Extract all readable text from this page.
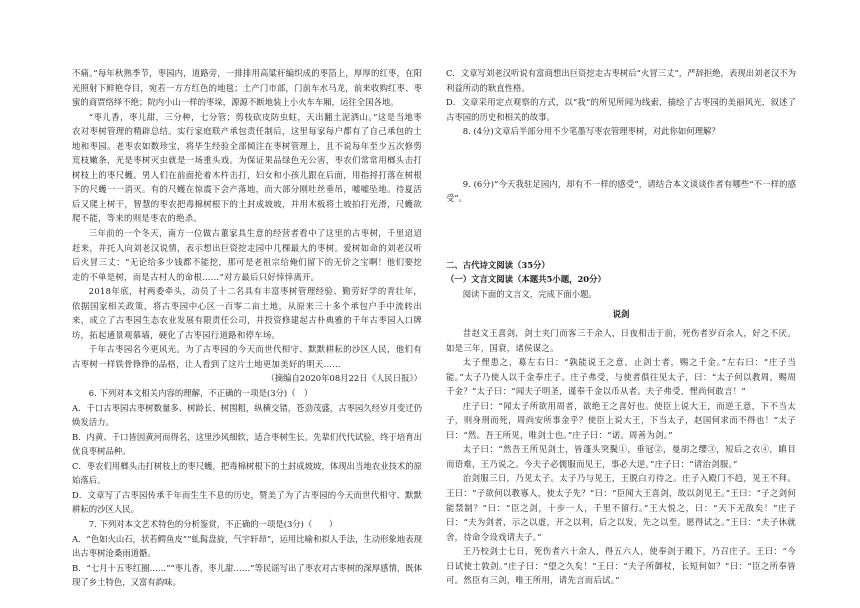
不痛。”每年秋熟季节，枣园内，道路旁，一排排用高粱秆编织成的枣箔上，厚厚的红枣，在阳光照射下鲜艳夺目，宛若一方方红色的地毯；土产门市部，门前车水马龙，前来收购红枣、枣蜜的商贾络绎不绝；院内小山一样的枣垛，源源不断地装上小火车车厢，运往全国各地。

“枣儿香，枣儿甜，三分种，七分管；剪枝砍皮防虫蛀，天出翻土泥洒山。”这是当地枣农对枣树管理的精辟总结。实行家庭联产承包责任制后，这里每家每户都有了自己承包的土地和枣园。老枣农如数珍宝，将毕生经验全部倾注在枣树管理上，且不说每年至少五次修剪荒枝嫩条，光是枣树灭虫就是一场重头戏。为保证果品绿色无公害，枣农们常常用榔头击打树枝上的枣尺蠖。男人们在前面抡着木杵击打，妇女和小孩儿跟在后面，用指捋打落在树根下的尺蠖一一消灭。有的尺蠖在惊震下会产落地，而大部分刚吐丝垂吊，嘘嘘坠地。待夏活后又爬上树干，智慧的枣农把毒棉树根下的土封成坡坡，并用木板将土坡拍打光滑，尺蠖欲爬不能，等来的则是枣农的绝杀。

三年前的一个冬天，南方一位做古董家具生意的经营者看中了这里的古枣树，千里迢迢赶来，并托人向刘老汉说情，表示想出巨资挖走园中几棵最大的枣树。爱树如命的刘老汉听后火冒三丈：“无论给多少钱都不能挖，那可是老祖宗给俺们留下的无价之宝啊！他们要挖走的不单是树，而是古村人的命根……”对方最后只好悻悻离开。

2018年底，村两委牵头，动员了十二名具有丰富枣树管理经验、勤劳好学的青壮年，依据国家相关政策，将古枣园中心区一百零二亩土地，从原来三十多个承包户手中流转出来，成立了古枣园生态农业发展有限责任公司，并投资修建起古朴典雅的千年古枣园入口牌坊，拓起通景观慕墙，硬化了古枣园行道路和停车场。

千年古枣园名今更风光。为了古枣园的今天而世代相守、默默耕耘的沙区人民，他们有古枣树一样铁骨铮铮的品格，让人看到了这片土地更加美好的明天……

（摘编自2020年08月22日《人民日报》）

6. 下列对本文相关内容的理解，不正确的一项是(3分)（　）

A．千口古枣园古枣树数量多、树龄长、树围粗，纵横交错，苍劲茂盛，古枣园久经岁月变迁仍焕发活力。

B．内黄、千口皆因黄河而得名，这里沙风细软，适合枣树生长。先辈们代代试验，终于培育出优良枣树品种。

C．枣农们用榔头击打树枝上的枣尺蠖，把毒棉树根下的土封成坡坡，体现出当地农业技术的原始落后。

D．文章写了古枣园传承千年而生生不息的历史，赞美了为了古枣园的今天而世代相守、默默耕耘的沙区人民。

7. 下列对本文艺术特色的分析鉴赏，不正确的一项是(3分)（　　）

A．“色如火山石，状若鳄鱼皮”“虬髯盘旋，气宇轩昂”，运用比喻和拟人手法，生动形象地表现出古枣树沧桑雨道骼。

B．“七月十五枣红圈……”“枣儿香，枣儿甜……”等民谣写出了枣农对古枣树的深厚感情，既体现了乡土特色，又富有韵味。

C．文章写刘老汉听说有富商想出巨资挖走古枣树后“火冒三丈”，严辞拒绝，表现出刘老汉不为利益所动的耿直性格。

D．文章采用定点观察的方式，以“我”的所见所闻为线索，描绘了古枣园的美丽风光，叙述了古枣园的历史和相关的故事。

8. (4分)文章后半部分用不少笔墨写枣农管理枣树，对此你如何理解？

9. (6分)“今天我驻足园内，却有不一样的感受”，请结合本文谈谈作者有哪些“不一样的感受”。

二、古代诗文阅读（35分）

（一）文言文阅读（本题共5小题，20分）

阅读下面的文言文，完成下面小题。

说剑

昔赵文王喜剑，剑士夹门而客三千余人，日夜相击于前，死伤者岁百余人，好之不厌。如是三年，国衰，诸侯谋之。

太子悝患之，募左右曰：“孰能说王之意，止剑士者，赐之千金。”左右曰：“庄子当能。”太子乃使人以千金奉庄子。庄子弗受，与使者俱往见太子，曰：“太子何以教周，赐周千金？”太子曰：“闻夫子明圣，谨奉千金以币从者。夫子弗受，悝尚何敢言！”

庄子曰：“闻太子所欲用周者，欲绝王之喜好也。使臣上说大王，而逆王意，下不当太子，则身刑而死，周尚安所事金乎？使臣上说大王，下当太子，赵国何求而不得也！”太子曰：“然。吾王所见，唯剑士也。”庄子曰：“诺。周善为剑。”

太子曰：“然吾王所见剑士，皆蓬头突鬓①，垂冠②，曼胡之缨③，短后之衣④，瞋目而语难，王乃说之。今夫子必儒服而见王，事必大逆。”庄子曰：“请治剑服。”

治剑服三日，乃见太子。太子乃与见王，王脱白刃待之。庄子入殿门不趋，见王不拜。王曰：“子欲何以教寡人，使太子先？”曰：“臣闻大王喜剑，故以剑见王。”王曰：“子之剑何能禁制？”曰：“臣之剑，十步一人，千里不留行。”王大悦之，曰：“天下无敌矣！”庄子曰：“夫为剑者，示之以虚，开之以利，后之以发，先之以至。愿得试之。”王曰：“夫子休就舍，待命令设戏请夫子。”

王乃校剑士七日，死伤者六十余人，得五六人，使奉剑于殿下，乃召庄子。王曰：“今日试使士敦剑。”庄子曰：“望之久矣！”王曰：“夫子所御杖，长短何如？”曰：“臣之所奉皆可。然臣有三剑，唯王所用，请先言而后试。”
